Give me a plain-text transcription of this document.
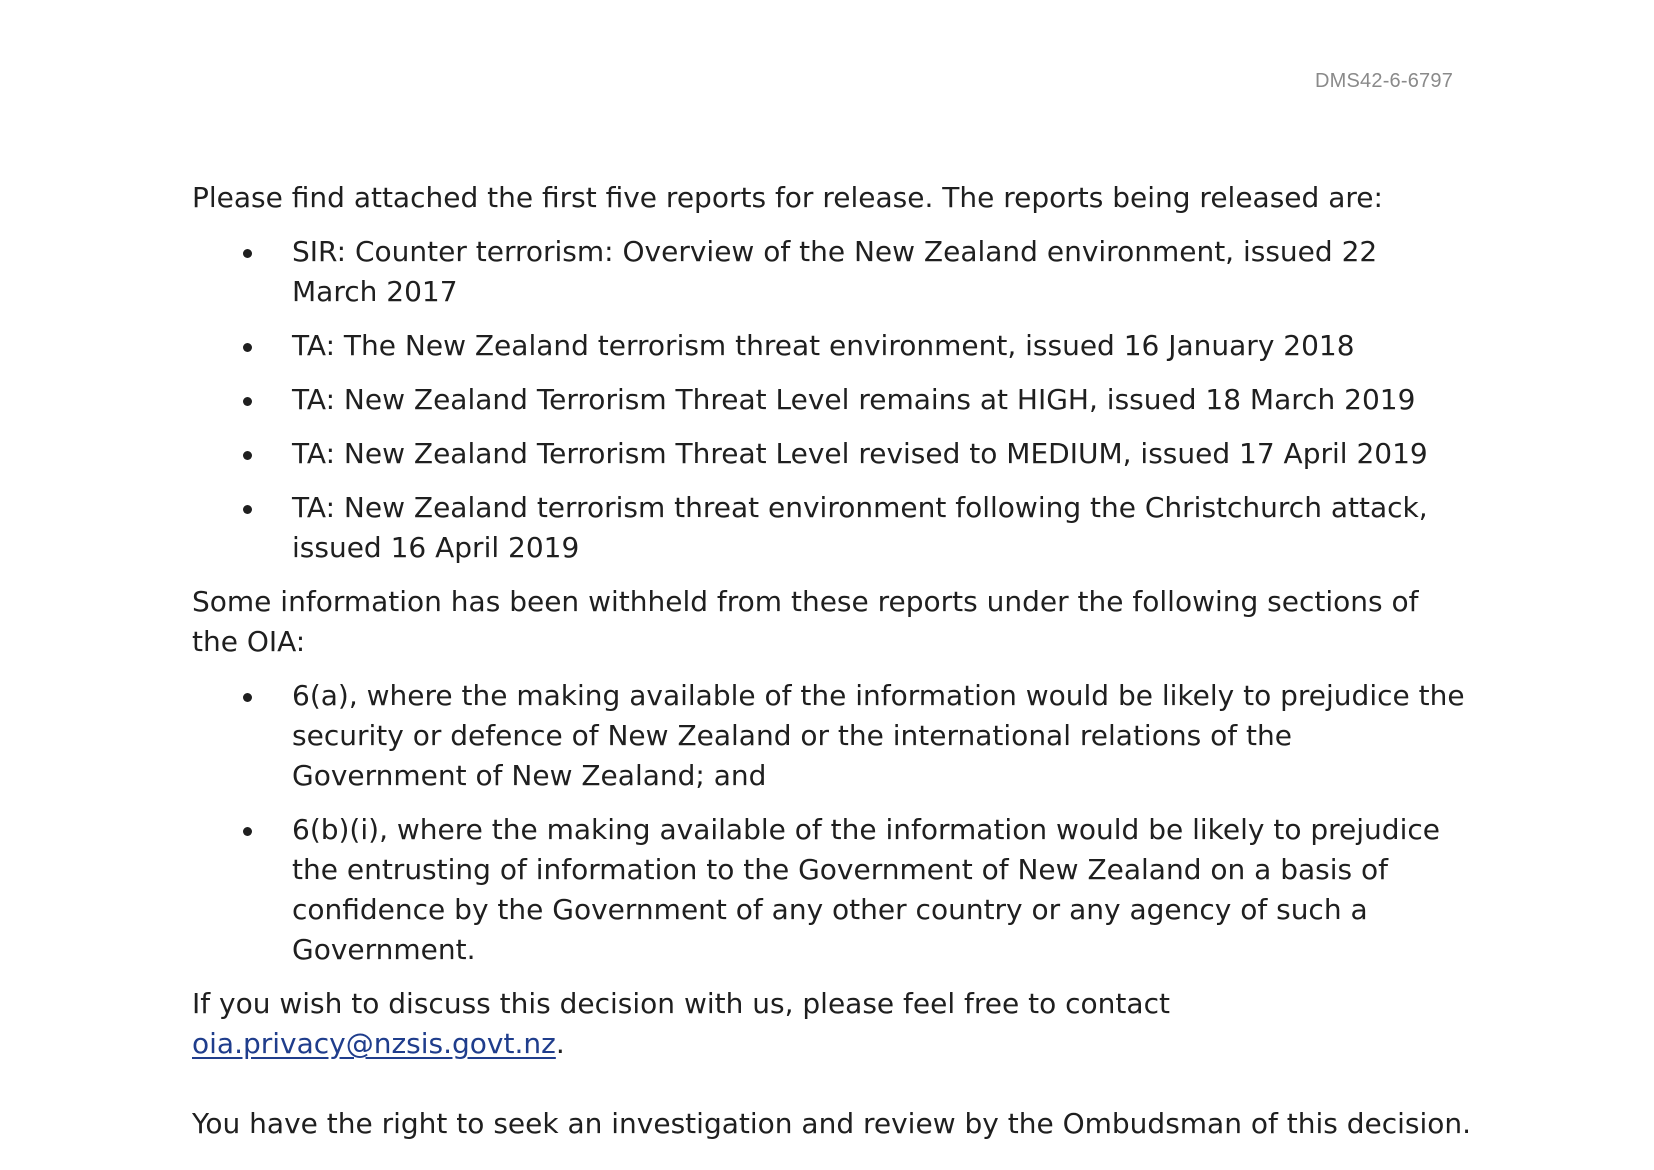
DMS42-6-6797

Please find attached the first five reports for release. The reports being released are:

SIR: Counter terrorism: Overview of the New Zealand environment, issued 22 March 2017
TA: The New Zealand terrorism threat environment, issued 16 January 2018
TA: New Zealand Terrorism Threat Level remains at HIGH, issued 18 March 2019
TA: New Zealand Terrorism Threat Level revised to MEDIUM, issued 17 April 2019
TA: New Zealand terrorism threat environment following the Christchurch attack, issued 16 April 2019

Some information has been withheld from these reports under the following sections of the OIA:

6(a), where the making available of the information would be likely to prejudice the security or defence of New Zealand or the international relations of the Government of New Zealand; and
6(b)(i), where the making available of the information would be likely to prejudice the entrusting of information to the Government of New Zealand on a basis of confidence by the Government of any other country or any agency of such a Government.

If you wish to discuss this decision with us, please feel free to contact oia.privacy@nzsis.govt.nz.

You have the right to seek an investigation and review by the Ombudsman of this decision.
